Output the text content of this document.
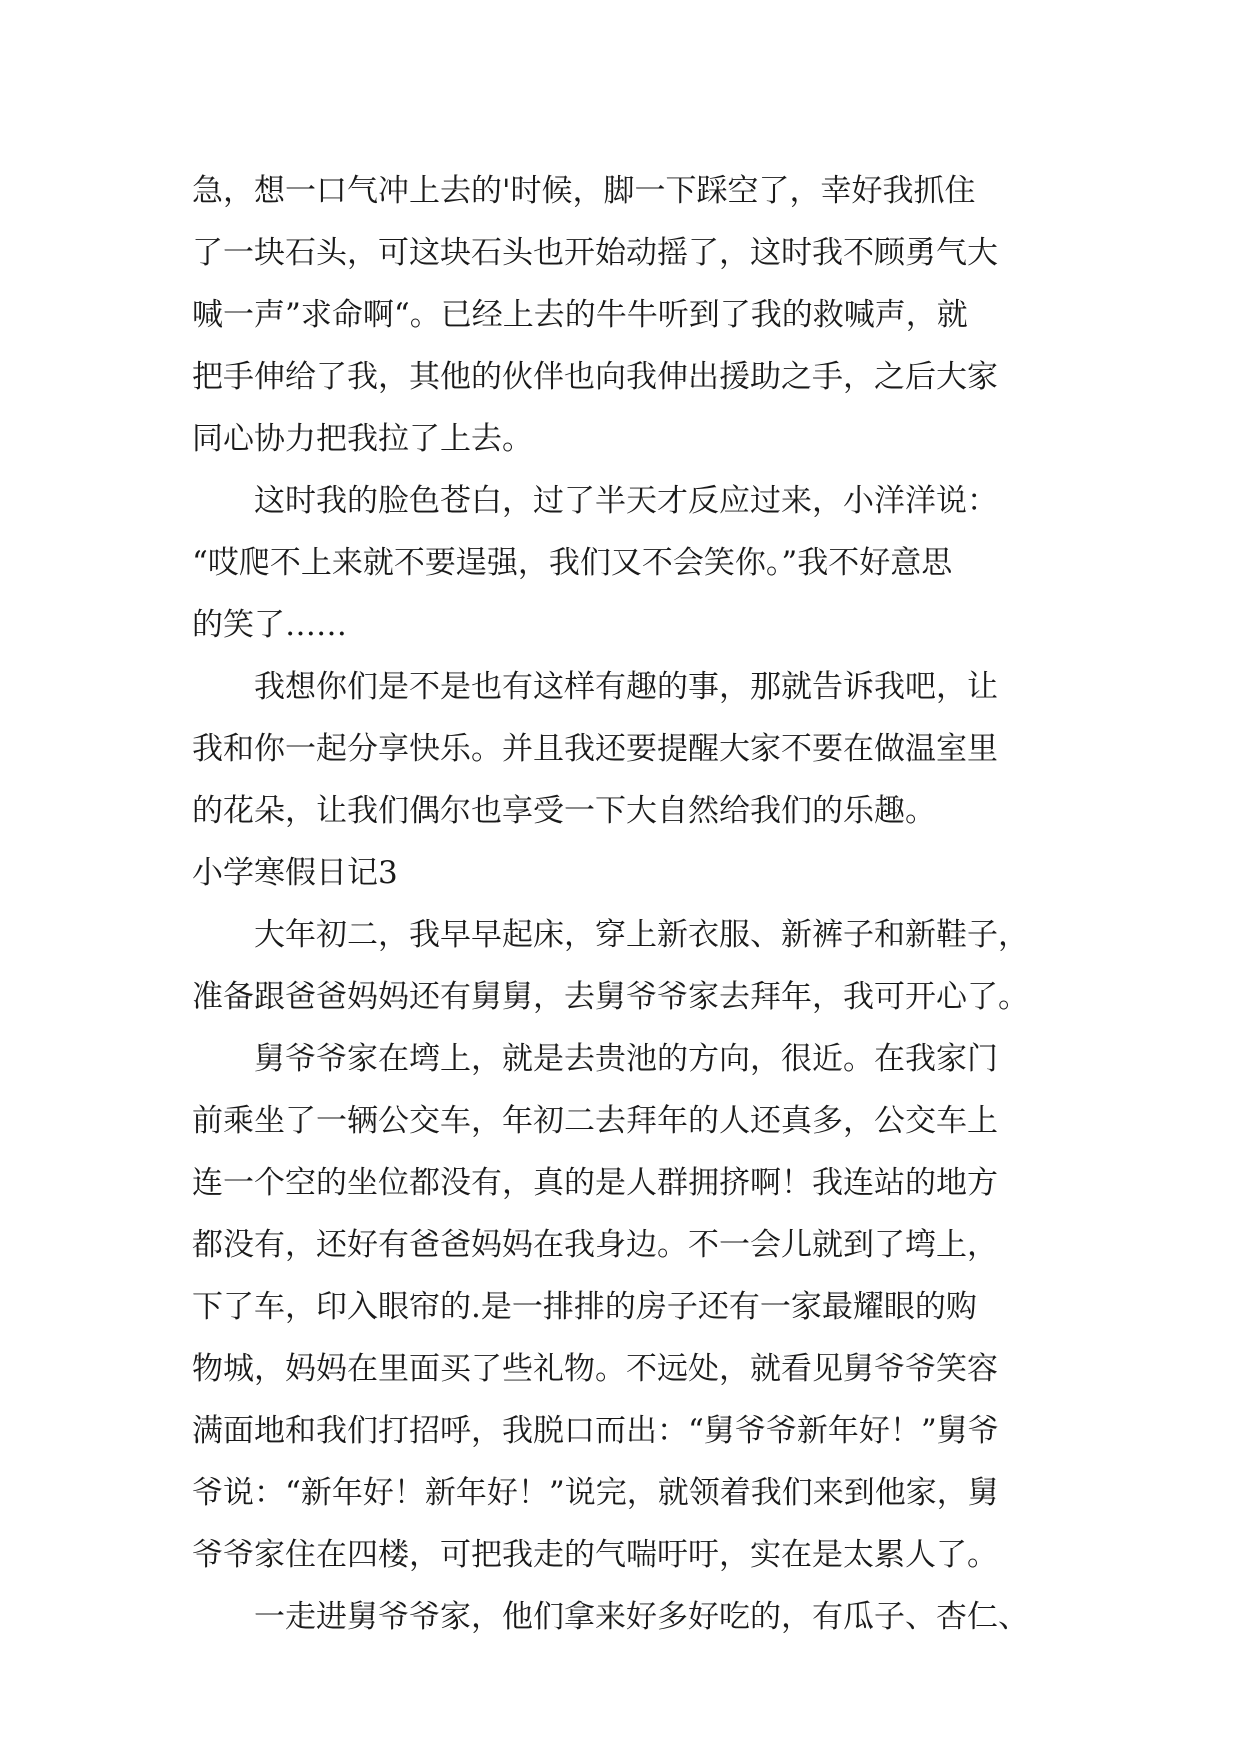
急，想一口气冲上去的'时候，脚一下踩空了，幸好我抓住
了一块石头，可这块石头也开始动摇了，这时我不顾勇气大
喊一声”求命啊“。已经上去的牛牛听到了我的救喊声，就
把手伸给了我，其他的伙伴也向我伸出援助之手，之后大家
同心协力把我拉了上去。
这时我的脸色苍白，过了半天才反应过来，小洋洋说：
“哎爬不上来就不要逞强，我们又不会笑你。”我不好意思
的笑了……
我想你们是不是也有这样有趣的事，那就告诉我吧，让
我和你一起分享快乐。并且我还要提醒大家不要在做温室里
的花朵，让我们偶尔也享受一下大自然给我们的乐趣。
小学寒假日记3
大年初二，我早早起床，穿上新衣服、新裤子和新鞋子，
准备跟爸爸妈妈还有舅舅，去舅爷爷家去拜年，我可开心了。
舅爷爷家在塆上，就是去贵池的方向，很近。在我家门
前乘坐了一辆公交车，年初二去拜年的人还真多，公交车上
连一个空的坐位都没有，真的是人群拥挤啊！我连站的地方
都没有，还好有爸爸妈妈在我身边。不一会儿就到了塆上，
下了车，印入眼帘的.是一排排的房子还有一家最耀眼的购
物城，妈妈在里面买了些礼物。不远处，就看见舅爷爷笑容
满面地和我们打招呼，我脱口而出：“舅爷爷新年好！”舅爷
爷说：“新年好！新年好！”说完，就领着我们来到他家，舅
爷爷家住在四楼，可把我走的气喘吁吁，实在是太累人了。
一走进舅爷爷家，他们拿来好多好吃的，有瓜子、杏仁、
